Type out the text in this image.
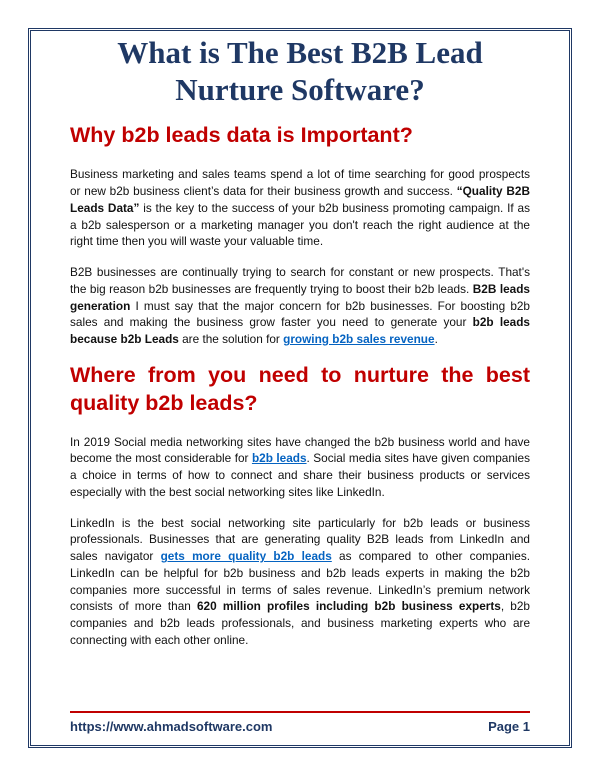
What is The Best B2B Lead Nurture Software?
Why b2b leads data is Important?

Business marketing and sales teams spend a lot of time searching for good prospects or new b2b business client’s data for their business growth and success. “Quality B2B Leads Data” is the key to the success of your b2b business promoting campaign. If as a b2b salesperson or a marketing manager you don't reach the right audience at the right time then you will waste your valuable time.

B2B businesses are continually trying to search for constant or new prospects. That's the big reason b2b businesses are frequently trying to boost their b2b leads. B2B leads generation I must say that the major concern for b2b businesses. For boosting b2b sales and making the business grow faster you need to generate your b2b leads because b2b Leads are the solution for growing b2b sales revenue.

Where from you need to nurture the best quality b2b leads?

In 2019 Social media networking sites have changed the b2b business world and have become the most considerable for b2b leads. Social media sites have given companies a choice in terms of how to connect and share their business products or services especially with the best social networking sites like LinkedIn.

LinkedIn is the best social networking site particularly for b2b leads or business professionals. Businesses that are generating quality B2B leads from LinkedIn and sales navigator gets more quality b2b leads as compared to other companies. LinkedIn can be helpful for b2b business and b2b leads experts in making the b2b companies more successful in terms of sales revenue. LinkedIn’s premium network consists of more than 620 million profiles including b2b business experts, b2b companies and b2b leads professionals, and business marketing experts who are connecting with each other online.

https://www.ahmadsoftware.com	Page 1
